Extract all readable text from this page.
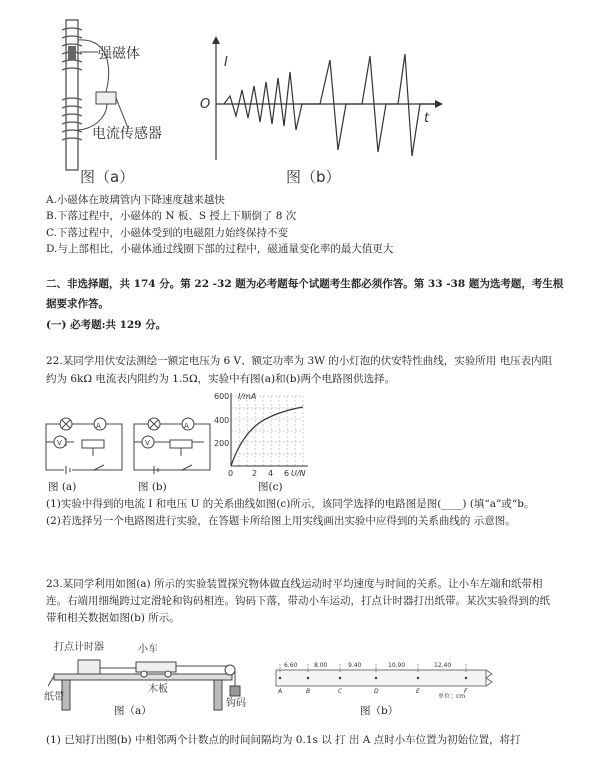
强磁体
电流传感器
图（a）
I
O
t
图（b）
A.小磁体在玻璃管内下降速度越来越快
B.下落过程中，小磁体的 N 板、S 授上下顺倒了 8 次
C.下落过程中，小磁体受到的电磁阻力始终保持不变
D.与上部相比，小磁体通过线圈下部的过程中，磁通量变化率的最大值更大
二、非选择题，共 174 分。第 22 -32 题为必考题每个试题考生都必须作答。第 33 -38 题为选考题，考生根
据要求作答。
(一) 必考题:共 129 分。
22.某同学用伏安法测绘一额定电压为 6 V、额定功率为 3W 的小灯泡的伏安特性曲线，实验所用 电压表内阻
约为 6kΩ 电流表内阻约为 1.5Ω，实验中有图(a)和(b)两个电路图供选择。
A
V
A
V
图 (a)	图 (b)
I/mA
600
400
200
0 2 4 6 U/N
图(c)
(1)实验中得到的电流 I 和电压 U 的关系曲线如图(c)所示，该同学选择的电路图是图(____) (填“a”或“b。
(2)若选择另一个电路图进行实验，在答题卡所给图上用实线画出实验中应得到的关系曲线的 示意图。
23.某同学利用如图(a) 所示的实验装置探究物体做直线运动时平均速度与时间的关系。让小车左端和纸带相
连。右端用细绳跨过定滑轮和钩码相连。钩码下落，带动小车运动，打点计时器打出纸带。某次实验得到的纸
带和相关数据如图(b) 所示。
打点计时器	小车
纸带
木板
钩码
图（a）
6.60	8.00	9.40	10.90	12.40
A	B	C	D	E	F
单位：cm
图（b）
(1) 已知打出图(b) 中相邻两个计数点的时间间隔均为 0.1s 以 打 出 A 点时小车位置为初始位置，将打
